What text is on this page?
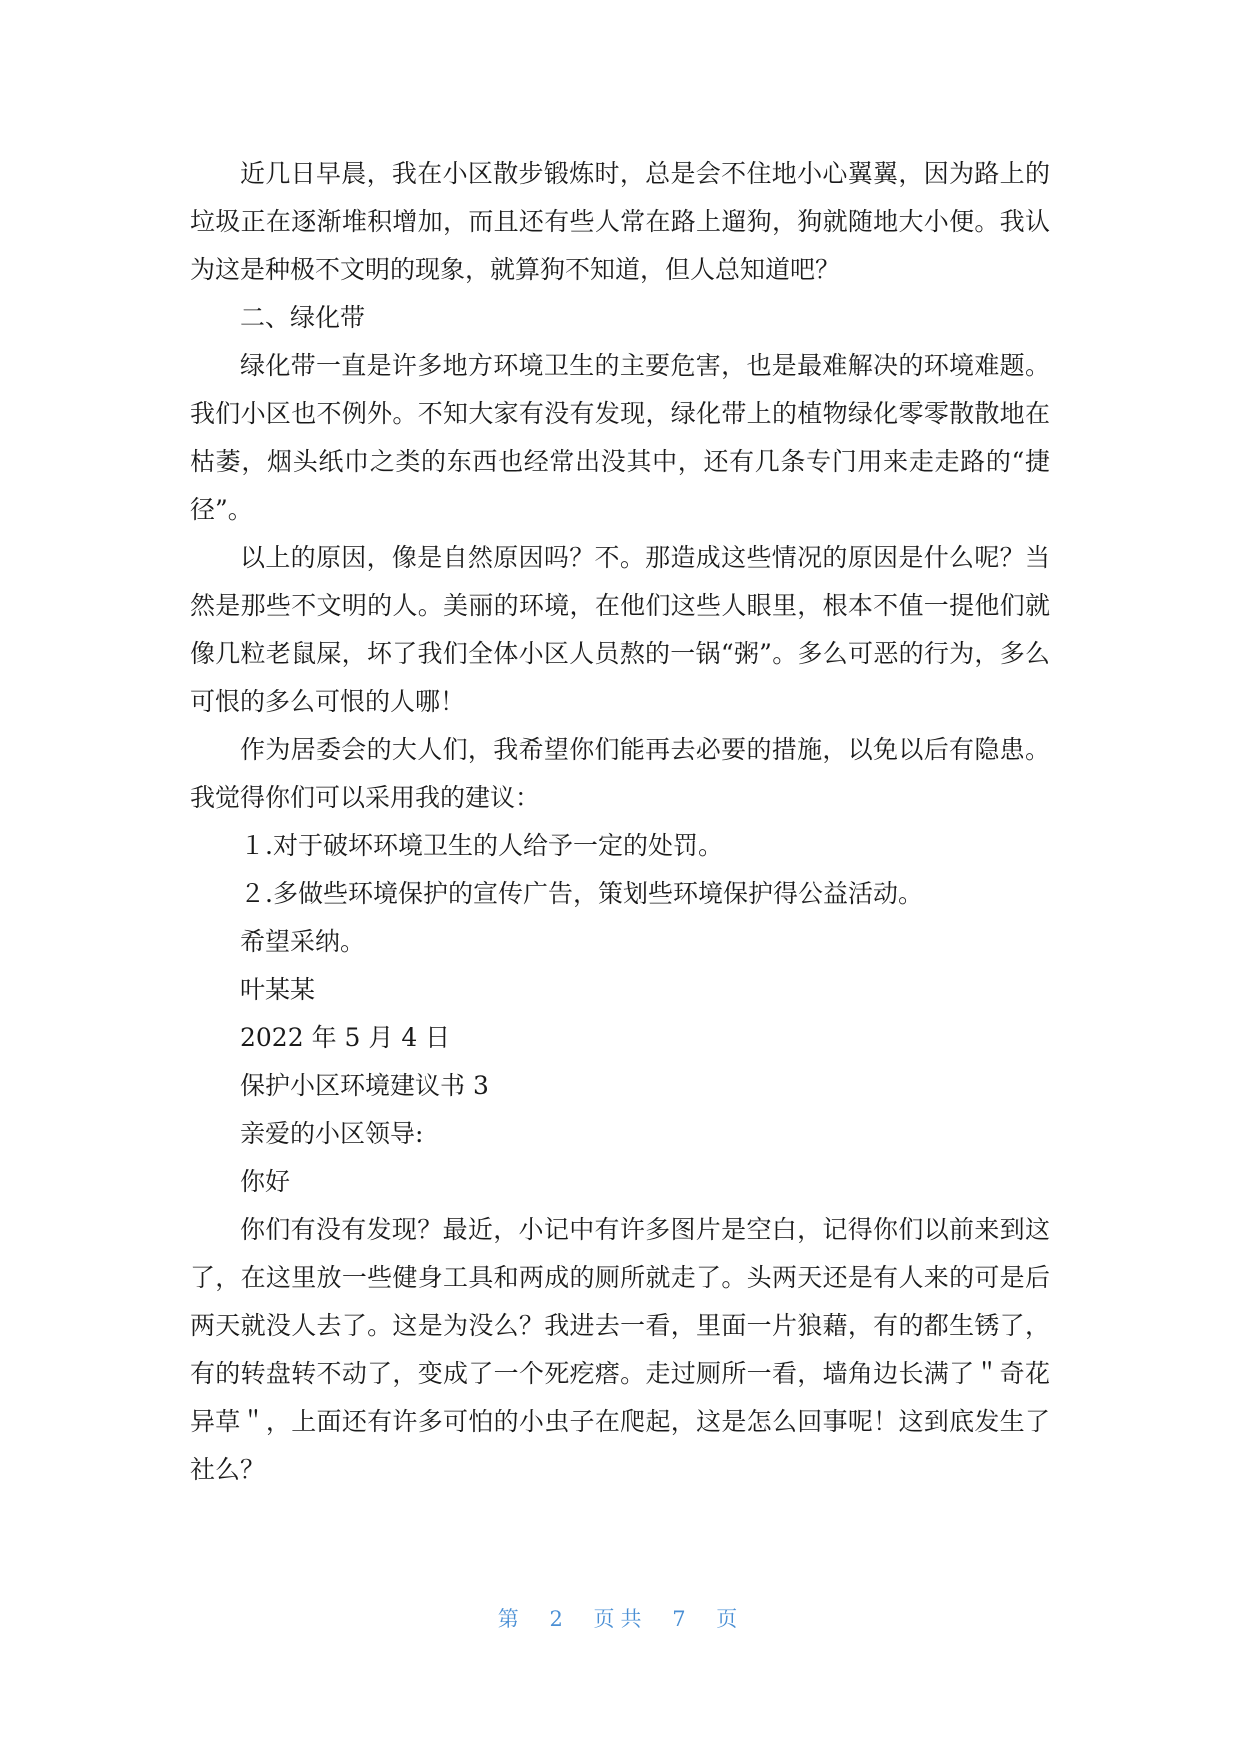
近几日早晨，我在小区散步锻炼时，总是会不住地小心翼翼，因为路上的垃圾正在逐渐堆积增加，而且还有些人常在路上遛狗，狗就随地大小便。我认为这是种极不文明的现象，就算狗不知道，但人总知道吧？

二、绿化带

绿化带一直是许多地方环境卫生的主要危害，也是最难解决的环境难题。我们小区也不例外。不知大家有没有发现，绿化带上的植物绿化零零散散地在枯萎，烟头纸巾之类的东西也经常出没其中，还有几条专门用来走走路的“捷径”。

以上的原因，像是自然原因吗？不。那造成这些情况的原因是什么呢？当然是那些不文明的人。美丽的环境，在他们这些人眼里，根本不值一提他们就像几粒老鼠屎，坏了我们全体小区人员熬的一锅“粥”。多么可恶的行为，多么可恨的多么可恨的人哪！

作为居委会的大人们，我希望你们能再去必要的措施，以免以后有隐患。我觉得你们可以采用我的建议：

１.对于破坏环境卫生的人给予一定的处罚。

２.多做些环境保护的宣传广告，策划些环境保护得公益活动。

希望采纳。

叶某某

2022 年 5 月 4 日

保护小区环境建议书 3

亲爱的小区领导:

你好

你们有没有发现？最近，小记中有许多图片是空白，记得你们以前来到这了，在这里放一些健身工具和两成的厕所就走了。头两天还是有人来的可是后两天就没人去了。这是为没么？我进去一看，里面一片狼藉，有的都生锈了，有的转盘转不动了，变成了一个死疙瘩。走过厕所一看，墙角边长满了＂奇花异草＂，上面还有许多可怕的小虫子在爬起，这是怎么回事呢！这到底发生了社么？

第 2 页共 7 页
